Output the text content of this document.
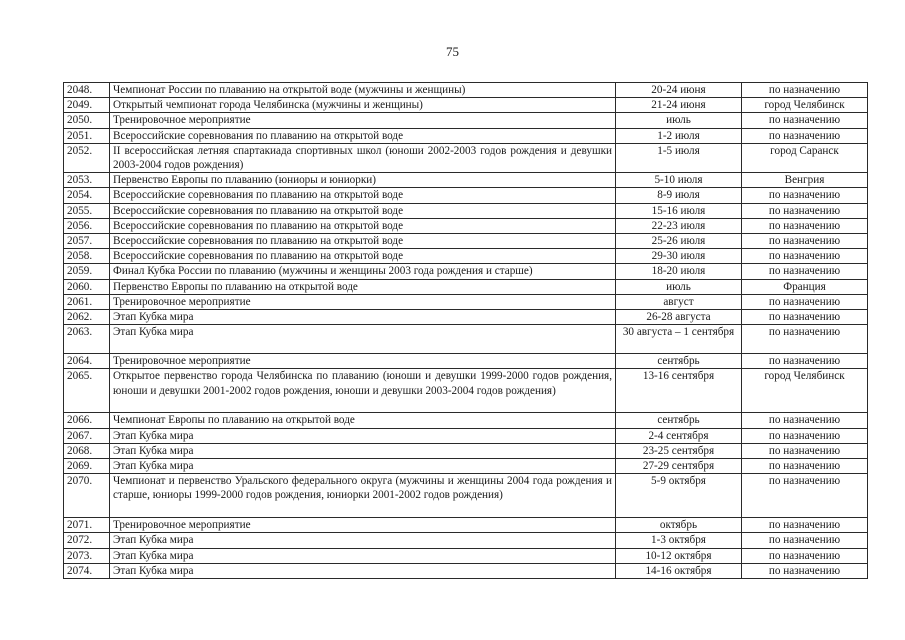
75
2048.	Чемпионат России по плаванию на открытой воде (мужчины и женщины)	20-24 июня	по назначению
2049.	Открытый чемпионат города Челябинска (мужчины и женщины)	21-24 июня	город Челябинск
2050.	Тренировочное мероприятие	июль	по назначению
2051.	Всероссийские соревнования по плаванию на открытой воде	1-2 июля	по назначению
2052.	II всероссийская летняя спартакиада спортивных школ (юноши 2002-2003 годов рождения и девушки 2003-2004 годов рождения)	1-5 июля	город Саранск
2053.	Первенство Европы по плаванию (юниоры и юниорки)	5-10 июля	Венгрия
2054.	Всероссийские соревнования по плаванию на открытой воде	8-9 июля	по назначению
2055.	Всероссийские соревнования по плаванию на открытой воде	15-16 июля	по назначению
2056.	Всероссийские соревнования по плаванию на открытой воде	22-23 июля	по назначению
2057.	Всероссийские соревнования по плаванию на открытой воде	25-26 июля	по назначению
2058.	Всероссийские соревнования по плаванию на открытой воде	29-30 июля	по назначению
2059.	Финал Кубка России по плаванию (мужчины и женщины 2003 года рождения и старше)	18-20 июля	по назначению
2060.	Первенство Европы по плаванию на открытой воде	июль	Франция
2061.	Тренировочное мероприятие	август	по назначению
2062.	Этап Кубка мира	26-28 августа	по назначению
2063.	Этап Кубка мира	30 августа – 1 сентября	по назначению
2064.	Тренировочное мероприятие	сентябрь	по назначению
2065.	Открытое первенство города Челябинска по плаванию (юноши и девушки 1999-2000 годов рождения, юноши и девушки 2001-2002 годов рождения, юноши и девушки 2003-2004 годов рождения)	13-16 сентября	город Челябинск
2066.	Чемпионат Европы по плаванию на открытой воде	сентябрь	по назначению
2067.	Этап Кубка мира	2-4 сентября	по назначению
2068.	Этап Кубка мира	23-25 сентября	по назначению
2069.	Этап Кубка мира	27-29 сентября	по назначению
2070.	Чемпионат и первенство Уральского федерального округа (мужчины и женщины 2004 года рождения и старше, юниоры 1999-2000 годов рождения, юниорки 2001-2002 годов рождения)	5-9 октября	по назначению
2071.	Тренировочное мероприятие	октябрь	по назначению
2072.	Этап Кубка мира	1-3 октября	по назначению
2073.	Этап Кубка мира	10-12 октября	по назначению
2074.	Этап Кубка мира	14-16 октября	по назначению
